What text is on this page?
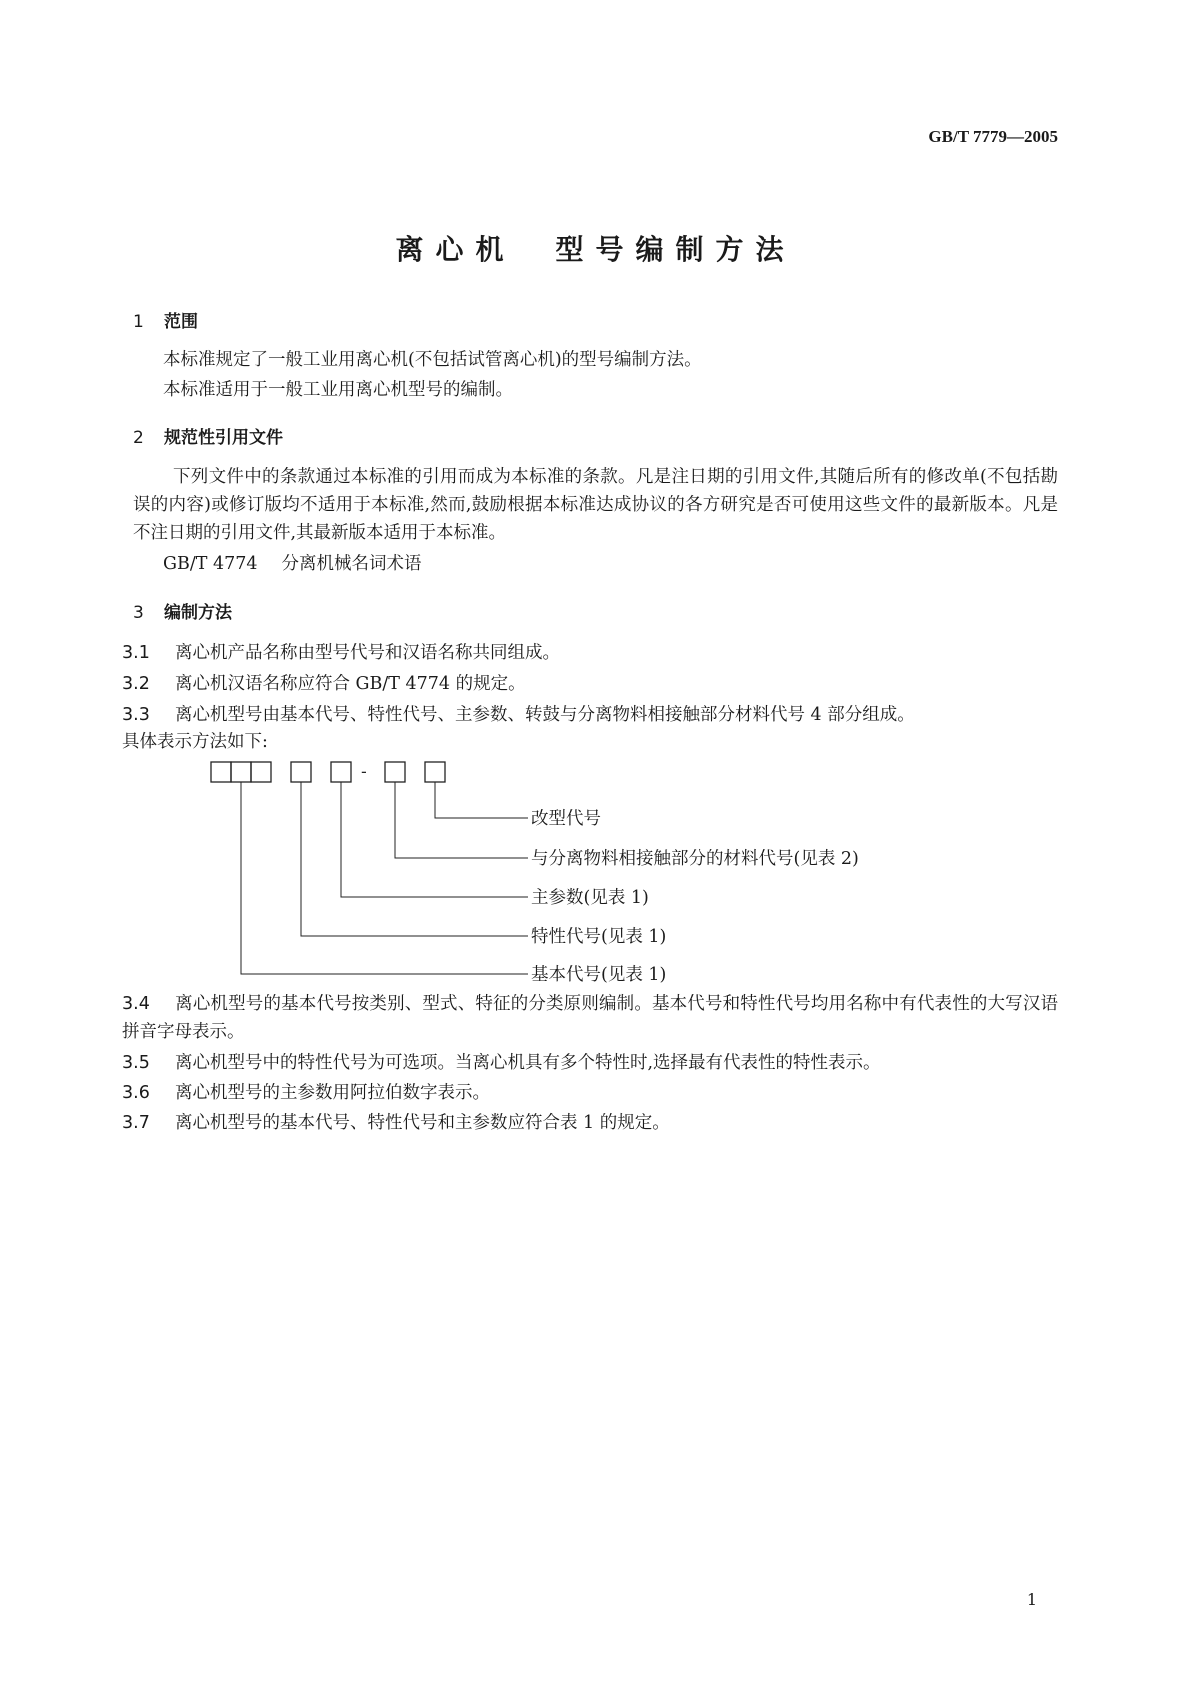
GB/T 7779—2005
离心机　型号编制方法
1 范围
本标准规定了一般工业用离心机(不包括试管离心机)的型号编制方法。
本标准适用于一般工业用离心机型号的编制。
2 规范性引用文件
下列文件中的条款通过本标准的引用而成为本标准的条款。凡是注日期的引用文件,其随后所有的修改单(不包括勘误的内容)或修订版均不适用于本标准,然而,鼓励根据本标准达成协议的各方研究是否可使用这些文件的最新版本。凡是不注日期的引用文件,其最新版本适用于本标准。
GB/T 4774 分离机械名词术语
3 编制方法
3.1 离心机产品名称由型号代号和汉语名称共同组成。
3.2 离心机汉语名称应符合 GB/T 4774 的规定。
3.3 离心机型号由基本代号、特性代号、主参数、转鼓与分离物料相接触部分材料代号 4 部分组成。
具体表示方法如下:
-
改型代号
与分离物料相接触部分的材料代号(见表 2)
主参数(见表 1)
特性代号(见表 1)
基本代号(见表 1)
3.4 离心机型号的基本代号按类别、型式、特征的分类原则编制。基本代号和特性代号均用名称中有代表性的大写汉语拼音字母表示。
3.5 离心机型号中的特性代号为可选项。当离心机具有多个特性时,选择最有代表性的特性表示。
3.6 离心机型号的主参数用阿拉伯数字表示。
3.7 离心机型号的基本代号、特性代号和主参数应符合表 1 的规定。
1
